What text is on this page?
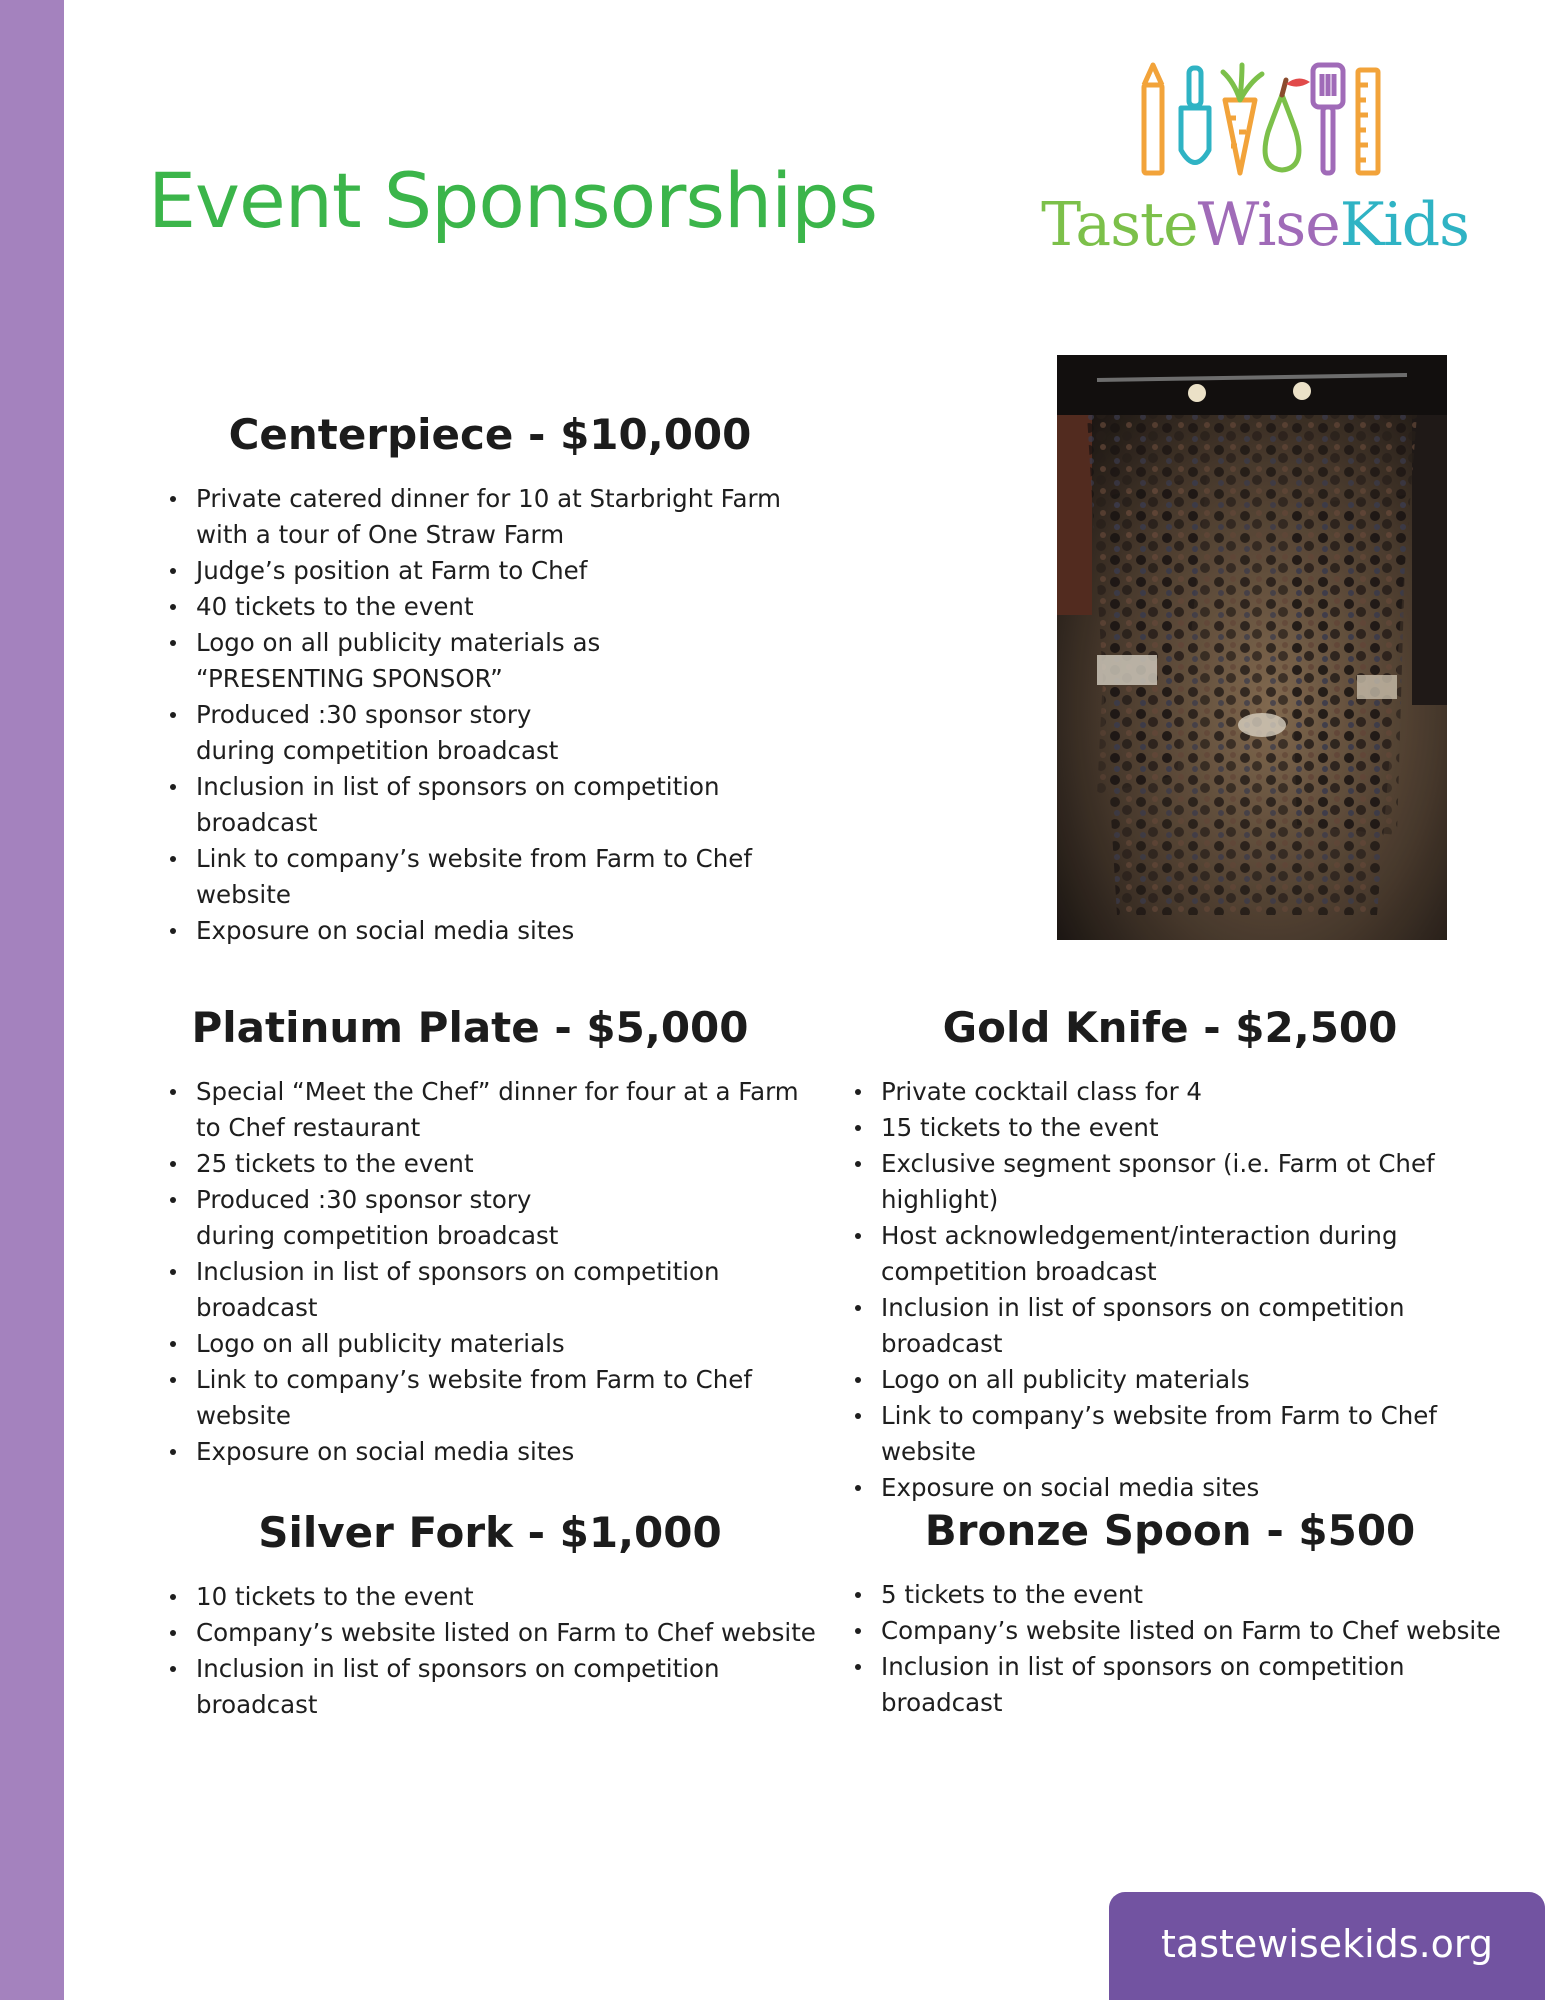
Event Sponsorships	TasteWiseKids
Centerpiece - $10,000
Private catered dinner for 10 at Starbright Farm with a tour of One Straw Farm
Judge’s position at Farm to Chef
40 tickets to the event
Logo on all publicity materials as “PRESENTING SPONSOR”
Produced :30 sponsor story during competition broadcast
Inclusion in list of sponsors on competition broadcast
Link to company’s website from Farm to Chef website
Exposure on social media sites
Platinum Plate - $5,000
Special “Meet the Chef” dinner for four at a Farm to Chef restaurant
25 tickets to the event
Produced :30 sponsor story during competition broadcast
Inclusion in list of sponsors on competition broadcast
Logo on all publicity materials
Link to company’s website from Farm to Chef website
Exposure on social media sites
Gold Knife - $2,500
Private cocktail class for 4
15 tickets to the event
Exclusive segment sponsor (i.e. Farm ot Chef highlight)
Host acknowledgement/interaction during competition broadcast
Inclusion in list of sponsors on competition broadcast
Logo on all publicity materials
Link to company’s website from Farm to Chef website
Exposure on social media sites
Silver Fork - $1,000
10 tickets to the event
Company’s website listed on Farm to Chef website
Inclusion in list of sponsors on competition broadcast
Bronze Spoon - $500
5 tickets to the event
Company’s website listed on Farm to Chef website
Inclusion in list of sponsors on competition broadcast
tastewisekids.org
